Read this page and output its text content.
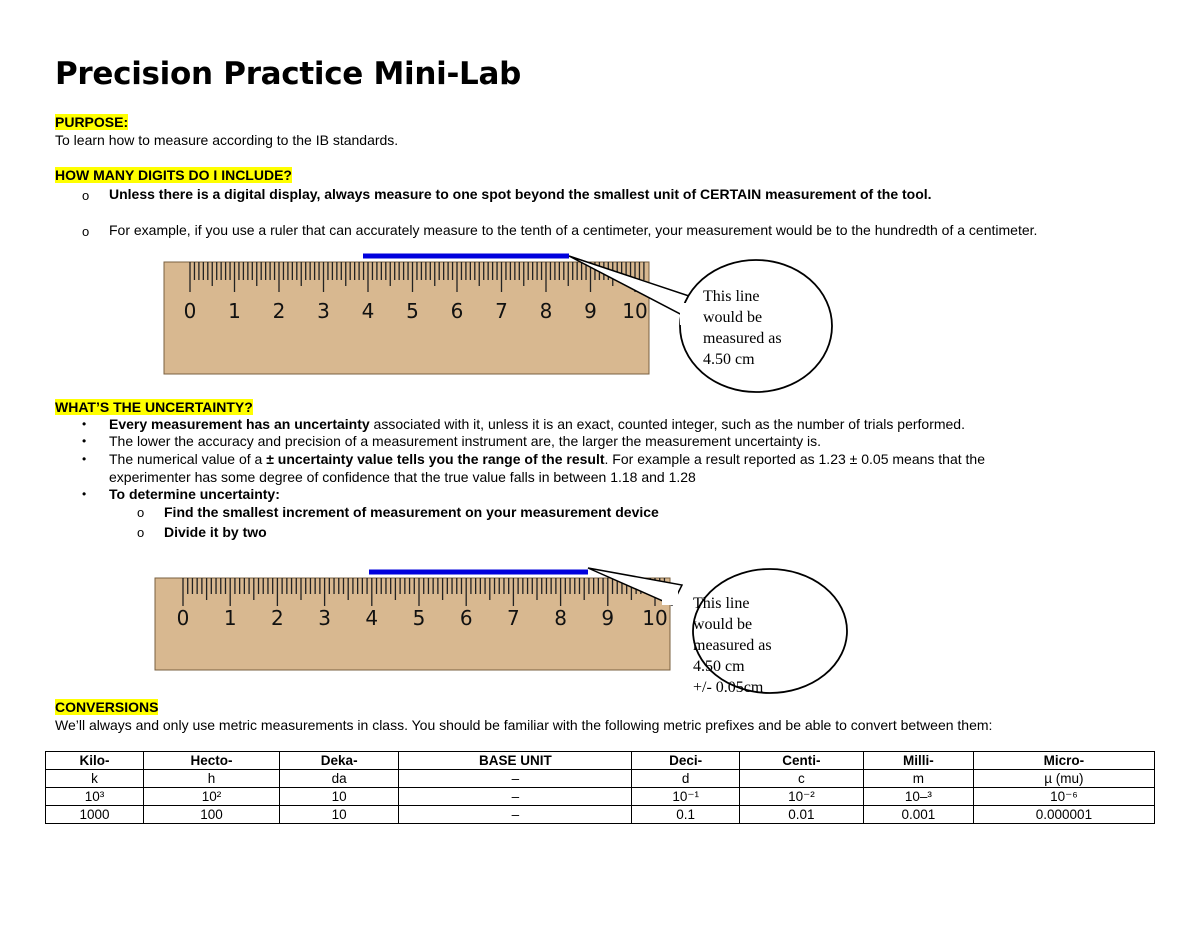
Precision Practice Mini-Lab
PURPOSE:
To learn how to measure according to the IB standards.
HOW MANY DIGITS DO I INCLUDE?
o Unless there is a digital display, always measure to one spot beyond the smallest unit of CERTAIN measurement of the tool.
o For example, if you use a ruler that can accurately measure to the tenth of a centimeter, your measurement would be to the hundredth of a centimeter.
0 1 2 3 4 5 6 7 8 9 10
This line
would be
measured as
4.50 cm
WHAT’S THE UNCERTAINTY?
• Every measurement has an uncertainty associated with it, unless it is an exact, counted integer, such as the number of trials performed.
• The lower the accuracy and precision of a measurement instrument are, the larger the measurement uncertainty is.
• The numerical value of a ± uncertainty value tells you the range of the result. For example a result reported as 1.23 ± 0.05 means that the
experimenter has some degree of confidence that the true value falls in between 1.18 and 1.28
• To determine uncertainty:
o Find the smallest increment of measurement on your measurement device
o Divide it by two
0 1 2 3 4 5 6 7 8 9 10
This line
would be
measured as
4.50 cm
+/- 0.05cm
CONVERSIONS
We’ll always and only use metric measurements in class. You should be familiar with the following metric prefixes and be able to convert between them:
Kilo-	Hecto-	Deka-	BASE UNIT	Deci-	Centi-	Milli-	Micro-
k	h	da	–	d	c	m	µ (mu)
10³	10²	10	–	10⁻¹	10⁻²	10–³	10⁻⁶
1000	100	10	–	0.1	0.01	0.001	0.000001
